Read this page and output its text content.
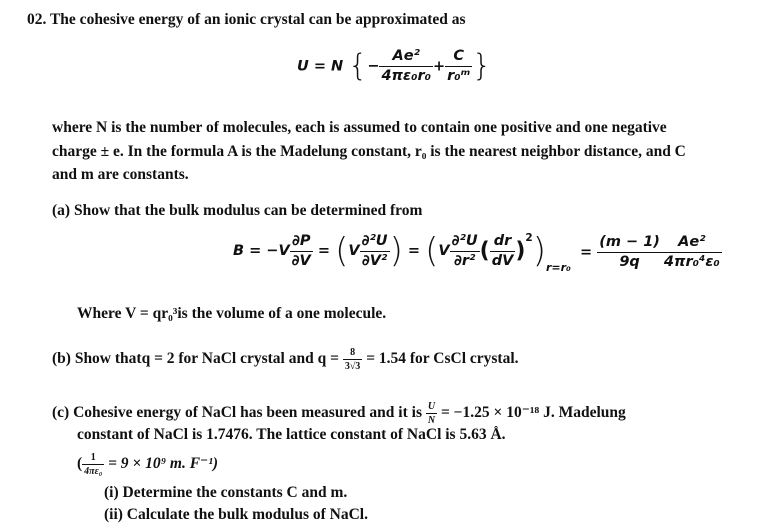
02. The cohesive energy of an ionic crystal can be approximated as
U = N {− $\frac{\text{Ae²}}{\text{4πε₀r₀}} + \frac{C}{\text{r₀ᵐ}}$ }
where N is the number of molecules, each is assumed to contain one positive and one negative
charge ± e. In the formula A is the Madelung constant, r₀ is the nearest neighbor distance, and C
and m are constants.
(a) Show that the bulk modulus can be determined from
$B = -V \frac{\partial P}{\partial V} = (V \frac{\text{∂²U}}{\text{∂V²}}$ ) = ($V \frac{\text{∂²U}}{\text{∂r²}}$ ( $\frac{dr}{dV} )^2)_{r=r_0}$
= $\frac{(m - 1)}{9q} \frac{\text{Ae²}}{\text{4πr₀⁴ε₀}}$
Where V = qr₀³is the volume of a one molecule.
(b) Show thatq = 2 for NaCl crystal and $q = \frac{8}{3√3} = 1.54$ for CsCl crystal.
(c) Cohesive energy of NaCl has been measured and it is $\frac{U}{N} = -1.25 \times 10^{-18}$ J. Madelung
constant of NaCl is 1.7476. The lattice constant of NaCl is 5.63 Å.
( $\frac{1}{\text{4πε₀}} = 9 \times 10^9$ m. F⁻¹)
(i) Determine the constants C and m.
(ii) Calculate the bulk modulus of NaCl.
